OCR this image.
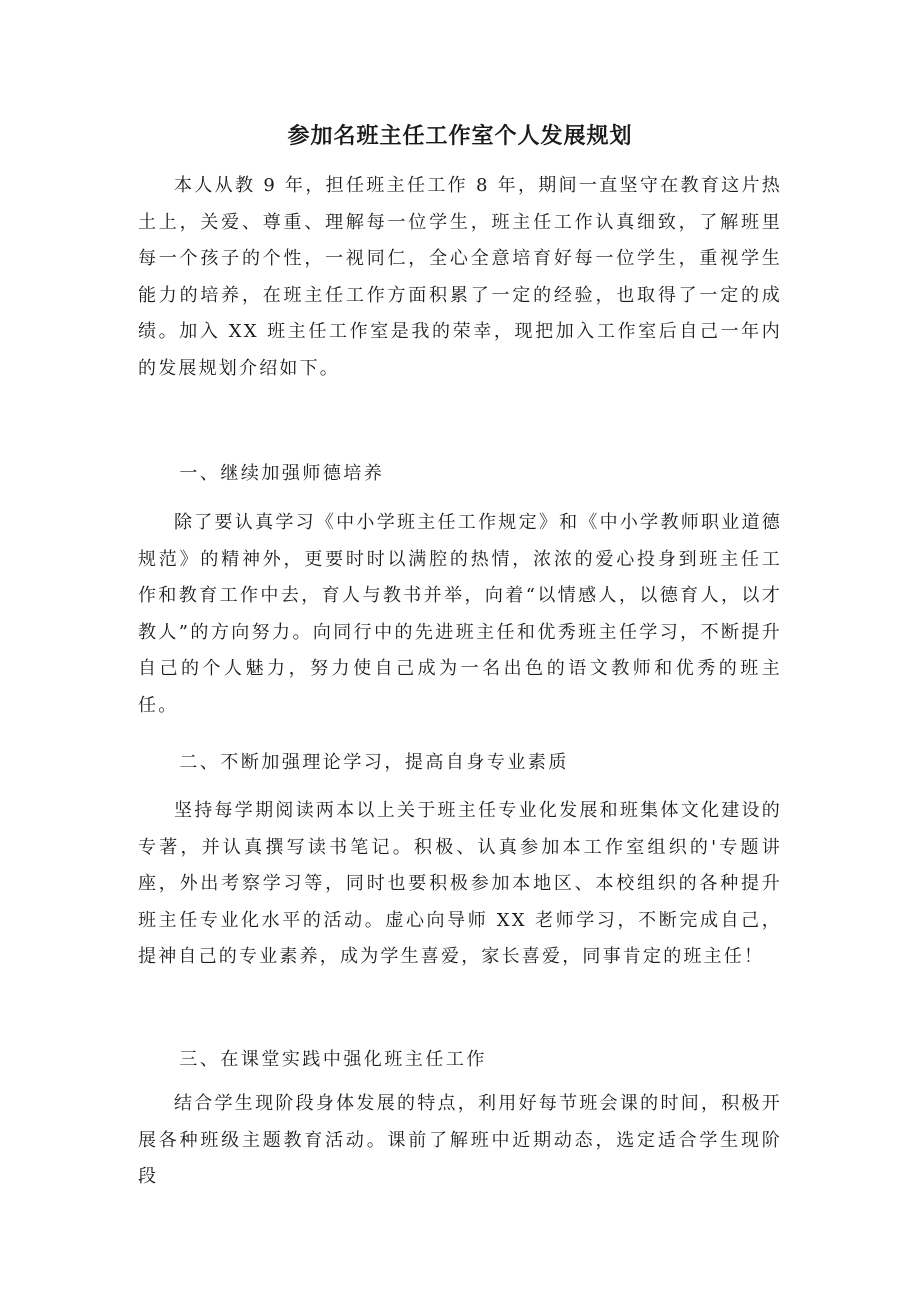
参加名班主任工作室个人发展规划

本人从教 9 年，担任班主任工作 8 年，期间一直坚守在教育这片热土上，关爱、尊重、理解每一位学生，班主任工作认真细致，了解班里每一个孩子的个性，一视同仁，全心全意培育好每一位学生，重视学生能力的培养，在班主任工作方面积累了一定的经验，也取得了一定的成绩。加入 XX 班主任工作室是我的荣幸，现把加入工作室后自己一年内的发展规划介绍如下。

一、继续加强师德培养

除了要认真学习《中小学班主任工作规定》和《中小学教师职业道德规范》的精神外，更要时时以满腔的热情，浓浓的爱心投身到班主任工作和教育工作中去，育人与教书并举，向着“以情感人，以德育人，以才教人”的方向努力。向同行中的先进班主任和优秀班主任学习，不断提升自己的个人魅力，努力使自己成为一名出色的语文教师和优秀的班主任。

二、不断加强理论学习，提高自身专业素质

坚持每学期阅读两本以上关于班主任专业化发展和班集体文化建设的专著，并认真撰写读书笔记。积极、认真参加本工作室组织的'专题讲座，外出考察学习等，同时也要积极参加本地区、本校组织的各种提升班主任专业化水平的活动。虚心向导师 XX 老师学习，不断完成自己，提神自己的专业素养，成为学生喜爱，家长喜爱，同事肯定的班主任！

三、在课堂实践中强化班主任工作

结合学生现阶段身体发展的特点，利用好每节班会课的时间，积极开展各种班级主题教育活动。课前了解班中近期动态，选定适合学生现阶段
